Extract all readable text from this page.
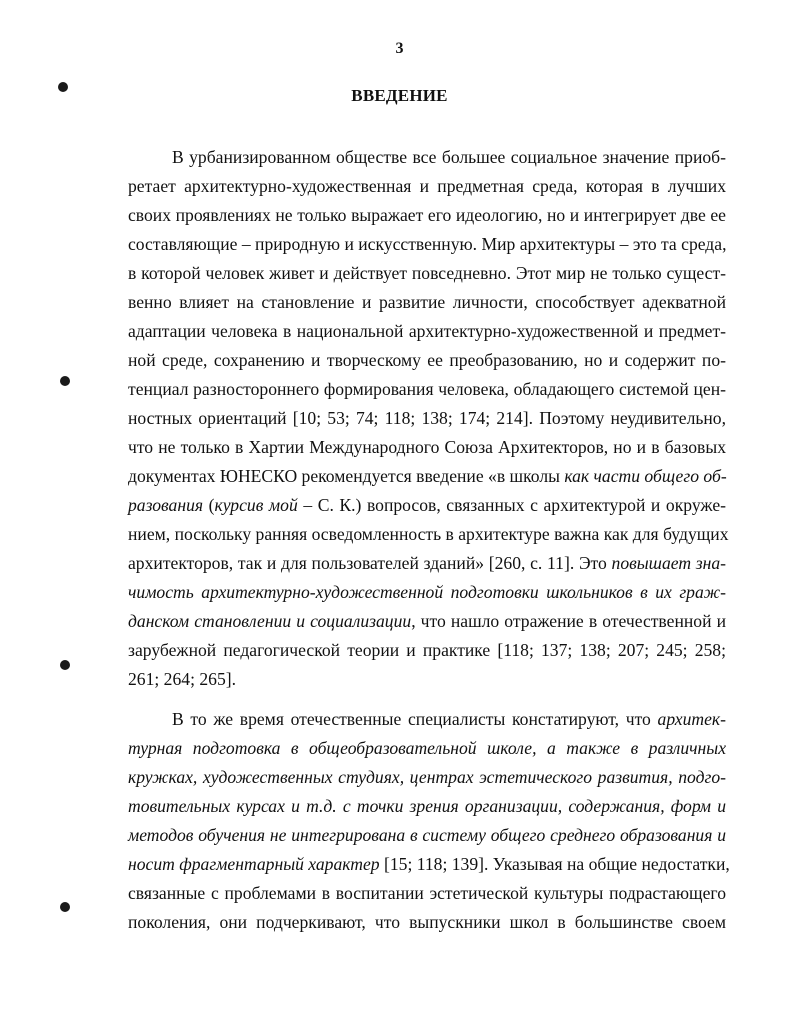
3
ВВЕДЕНИЕ
В урбанизированном обществе все большее социальное значение приоб-
ретает архитектурно-художественная и предметная среда, которая в лучших
своих проявлениях не только выражает его идеологию, но и интегрирует две ее
составляющие – природную и искусственную. Мир архитектуры – это та среда,
в которой человек живет и действует повседневно. Этот мир не только сущест-
венно влияет на становление и развитие личности, способствует адекватной
адаптации человека в национальной архитектурно-художественной и предмет-
ной среде, сохранению и творческому ее преобразованию, но и содержит по-
тенциал разностороннего формирования человека, обладающего системой цен-
ностных ориентаций [10; 53; 74; 118; 138; 174; 214]. Поэтому неудивительно,
что не только в Хартии Международного Союза Архитекторов, но и в базовых
документах ЮНЕСКО рекомендуется введение «в школы как части общего об-
разования (курсив мой – С. К.) вопросов, связанных с архитектурой и окруже-
нием, поскольку ранняя осведомленность в архитектуре важна как для будущих
архитекторов, так и для пользователей зданий» [260, с. 11]. Это повышает зна-
чимость архитектурно-художественной подготовки школьников в их граж-
данском становлении и социализации, что нашло отражение в отечественной и
зарубежной педагогической теории и практике [118; 137; 138; 207; 245; 258;
261; 264; 265].
В то же время отечественные специалисты констатируют, что архитек-
турная подготовка в общеобразовательной школе, а также в различных
кружках, художественных студиях, центрах эстетического развития, подго-
товительных курсах и т.д. с точки зрения организации, содержания, форм и
методов обучения не интегрирована в систему общего среднего образования и
носит фрагментарный характер [15; 118; 139]. Указывая на общие недостатки,
связанные с проблемами в воспитании эстетической культуры подрастающего
поколения, они подчеркивают, что выпускники школ в большинстве своем
